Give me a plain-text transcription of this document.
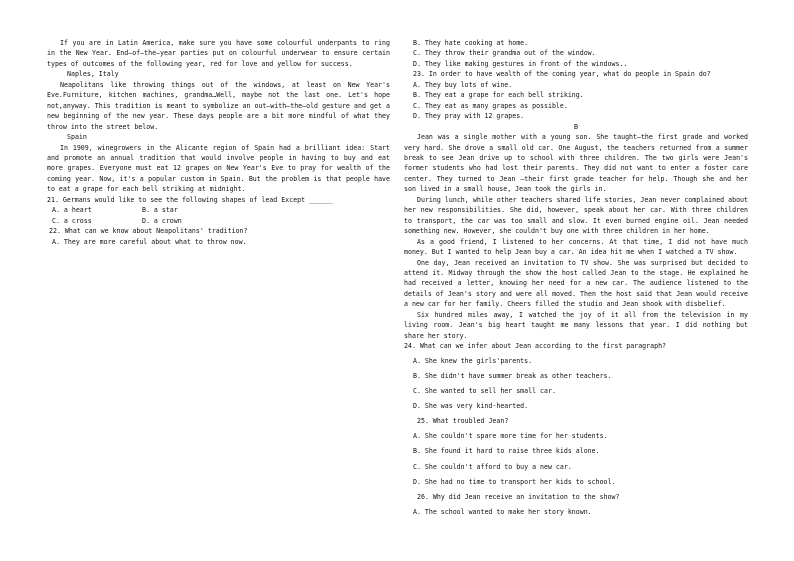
If you are in Latin America, make sure you have some colourful underpants to ring in the New Year. End—of—the—year parties put on colourful underwear to ensure certain types of outcomes of the following year, red for love and yellow for success.

Naples, Italy

Neapolitans like throwing things out of the windows, at least on New Year's Eve.Furniture, kitchen machines, grandma…Well, maybe not the last one. Let's hope not,anyway. This tradition is meant to symbolize an out—with—the—old gesture and get a new beginning of the new year. These days people are a bit more mindful of what they throw into the street below.

Spain

In 1909, winegrowers in the Alicante region of Spain had a brilliant idea: Start and promote an annual tradition that would involve people in having to buy and eat more grapes. Everyone must eat 12 grapes on New Year's Eve to pray for wealth of the coming year. Now, it's a popular custom in Spain. But the problem is that people have to eat a grape for each bell striking at midnight.

21. Germans would like to see the following shapes of lead Except ______

A. a heart	B. a star
C. a cross	D. a crown

22. What can we know about Neapolitans' tradition?

A. They are more careful about what to throw now.

B. They hate cooking at home.

C. They throw their grandma out of the window.

D. They like making gestures in front of the windows..

23. In order to have wealth of the coming year, what do people in Spain do?

A. They buy lots of wine.

B. They eat a grape for each bell striking.

C. They eat as many grapes as possible.

D. They pray with 12 grapes.

B

Jean was a single mother with a young son. She taught—the first grade and worked very hard. She drove a small old car. One August, the teachers returned from a summer break to see Jean drive up to school with three children. The two girls were Jean's former students who had lost their parents. They did not want to enter a foster care center. They turned to Jean —their first grade teacher for help. Though she and her son lived in a small house, Jean took the girls in.

During lunch, while other teachers shared life stories, Jean never complained about her new responsibilities. She did, however, speak about her car. With three children to transport, the car was too small and slow. It even burned engine oil. Jean needed something new. However, she couldn't buy one with three children in her home.

As a good friend, I listened to her concerns. At that time, I did not have much money. But I wanted to help Jean buy a car. An idea hit me when I watched a TV show.

One day, Jean received an invitation to TV show. She was surprised but decided to attend it. Midway through the show the host called Jean to the stage. He explained he had received a letter, knowing her need for a new car. The audience listened to the details of Jean's story and were all moved. Then the host said that Jean would receive a new car for her family. Cheers filled the studio and Jean shook with disbelief.

Six hundred miles away, I watched the joy of it all from the television in my living room. Jean's big heart taught me many lessons that year. I did nothing but share her story.

24. What can we infer about Jean according to the first paragraph?

A. She knew the girls'parents.

B. She didn't have summer break as other teachers.

C. She wanted to sell her small car.

D. She was very kind-hearted.

25. What troubled Jean?

A. She couldn't spare more time for her students.

B. She found it hard to raise three kids alone.

C. She couldn't afford to buy a new car.

D. She had no time to transport her kids to school.

26. Why did Jean receive an invitation to the show?

A. The school wanted to make her story known.
